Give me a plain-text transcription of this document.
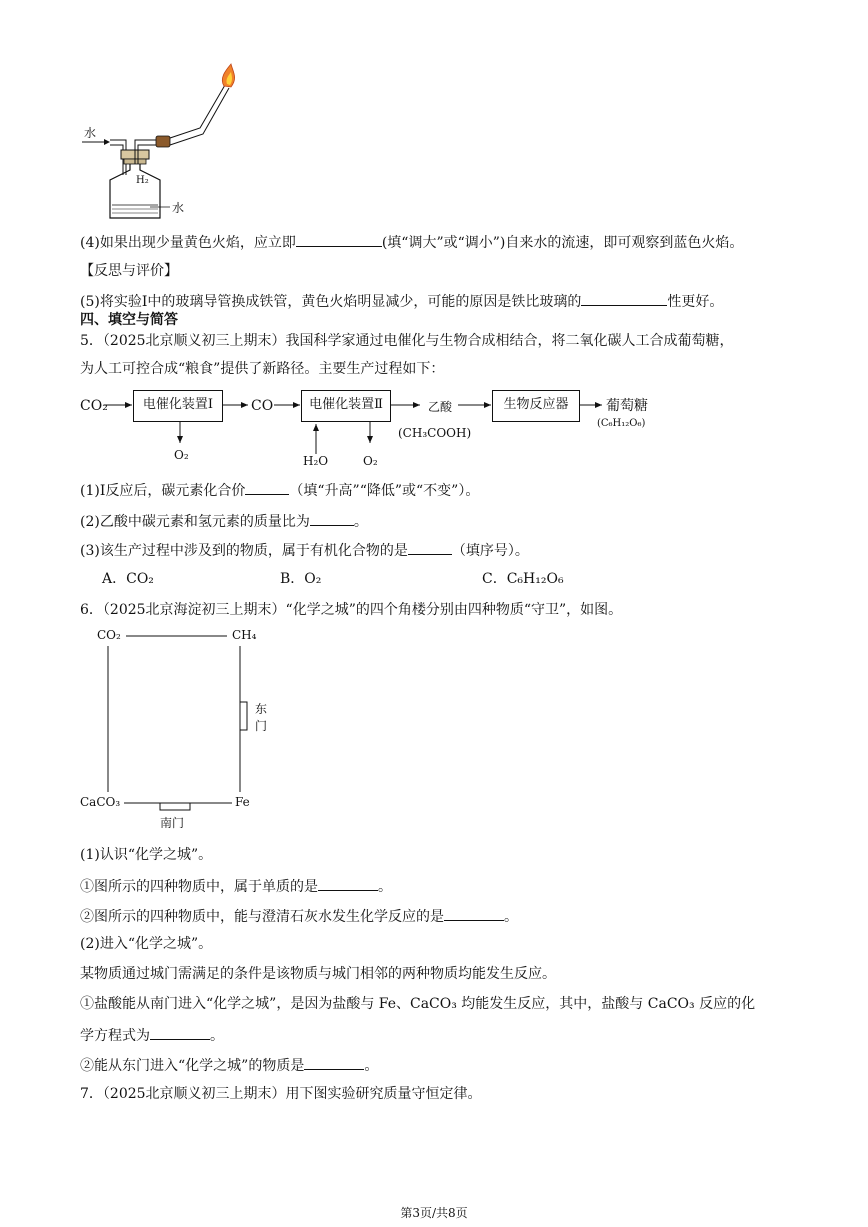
水
H₂
水
(4)如果出现少量黄色火焰，应立即	(填“调大”或“调小”)自来水的流速，即可观察到蓝色火焰。
【反思与评价】
(5)将实验Ⅰ中的玻璃导管换成铁管，黄色火焰明显减少，可能的原因是铁比玻璃的	性更好。
四、填空与简答
5．（2025北京顺义初三上期末）我国科学家通过电催化与生物合成相结合，将二氧化碳人工合成葡萄糖，
为人工可控合成“粮食”提供了新路径。主要生产过程如下：
CO₂	电催化装置Ⅰ	CO	电催化装置Ⅱ	乙酸
(CH₃COOH)
生物反应器	葡萄糖
(C₆H₁₂O₆)
O₂	H₂O	O₂
(1)Ⅰ反应后，碳元素化合价	（填“升高”“降低”或“不变”）。
(2)乙酸中碳元素和氢元素的质量比为	。
(3)该生产过程中涉及到的物质，属于有机化合物的是	（填序号）。
A．CO₂	B．O₂	C．C₆H₁₂O₆
6．（2025北京海淀初三上期末）“化学之城”的四个角楼分别由四种物质“守卫”，如图。
CO₂	CH₄
CaCO₃	Fe
东
门
南门
(1)认识“化学之城”。
①图所示的四种物质中，属于单质的是	。
②图所示的四种物质中，能与澄清石灰水发生化学反应的是	。
(2)进入“化学之城”。
某物质通过城门需满足的条件是该物质与城门相邻的两种物质均能发生反应。
①盐酸能从南门进入“化学之城”，是因为盐酸与 Fe、CaCO₃ 均能发生反应，其中，盐酸与 CaCO₃ 反应的化
学方程式为	。
②能从东门进入“化学之城”的物质是	。
7．（2025北京顺义初三上期末）用下图实验研究质量守恒定律。
第3页/共8页
